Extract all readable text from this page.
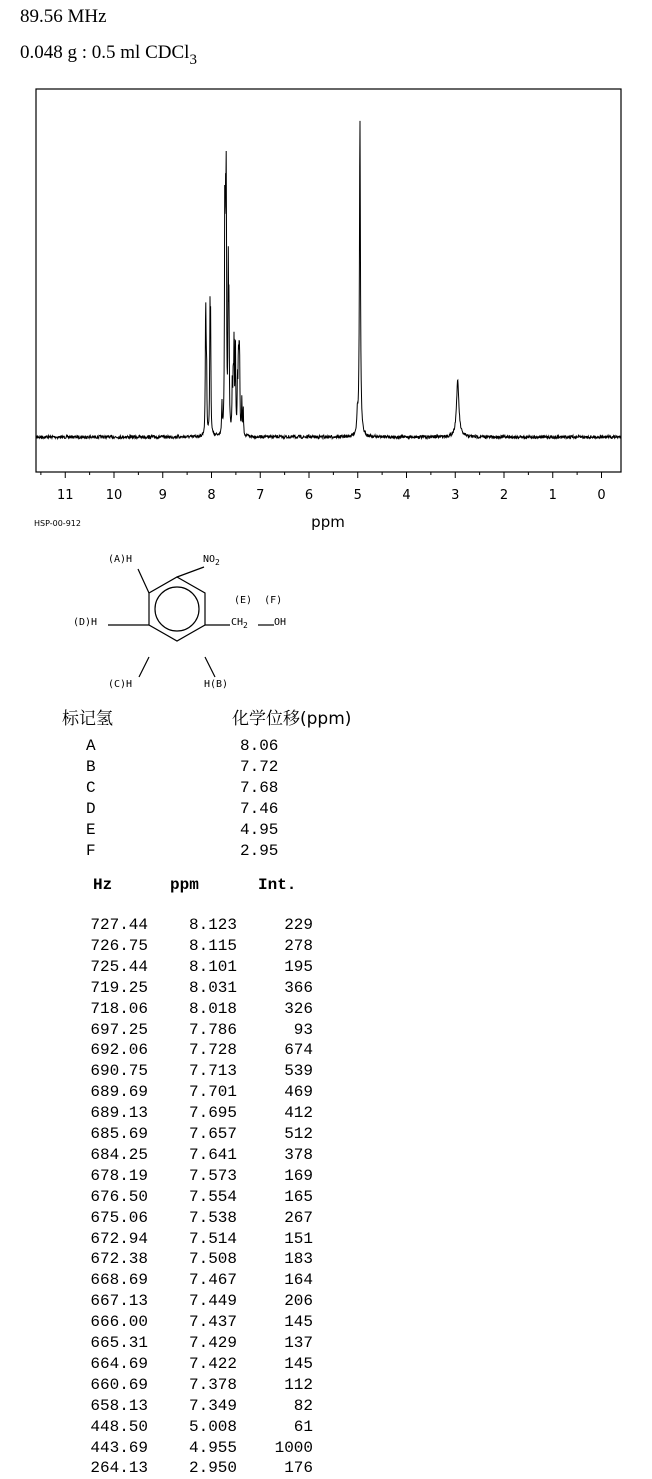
89.56 MHz
0.048 g : 0.5 ml CDCl$_3$
11 10	9	8	7	6	5	4	3	2	1	0
ppm
HSP-00-912
(A)H	$NO_2$
(E)  (F)
$CH_2$	OH
(D)H
(C)H	H(B)
标记氢	化学位移(ppm)
A	8.06
B	7.72
C	7.68
D	7.46
E	4.95
F	2.95
Hz	ppm	Int.
727.44	8.123	229
726.75	8.115	278
725.44	8.101	195
719.25	8.031	366
718.06	8.018	326
697.25	7.786	93
692.06	7.728	674
690.75	7.713	539
689.69	7.701	469
689.13	7.695	412
685.69	7.657	512
684.25	7.641	378
678.19	7.573	169
676.50	7.554	165
675.06	7.538	267
672.94	7.514	151
672.38	7.508	183
668.69	7.467	164
667.13	7.449	206
666.00	7.437	145
665.31	7.429	137
664.69	7.422	145
660.69	7.378	112
658.13	7.349	82
448.50	5.008	61
443.69	4.955 1000
264.13	2.950	176
